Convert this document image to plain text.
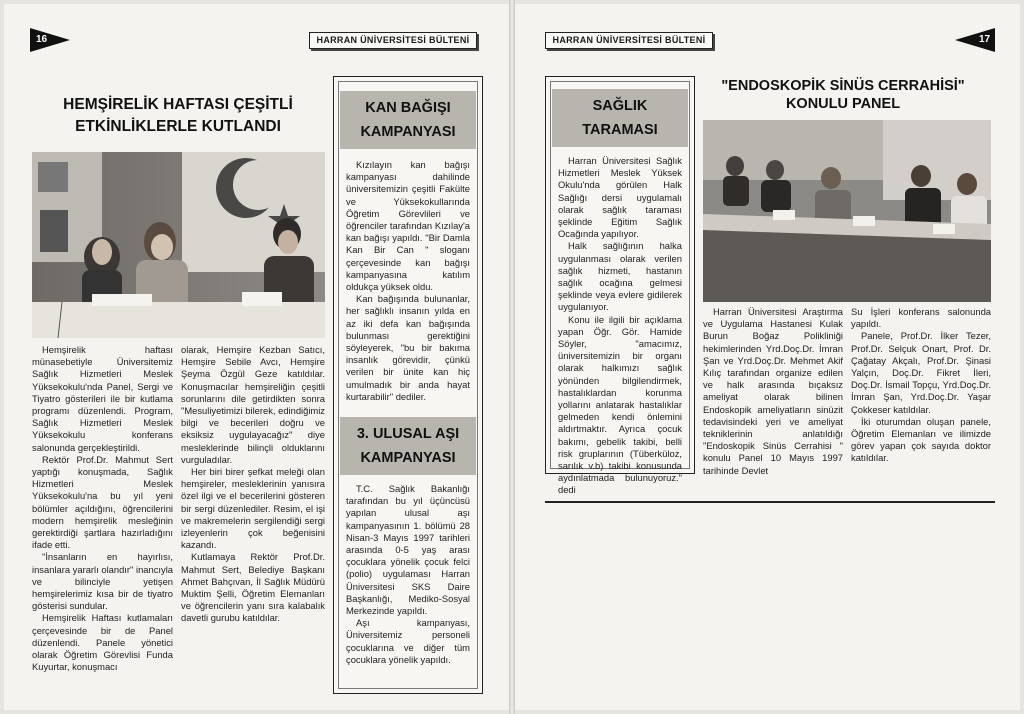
16	HARRAN ÜNİVERSİTESİ BÜLTENİ
HEMŞİRELİK HAFTASI ÇEŞİTLİ
ETKİNLİKLERLE KUTLANDI

Hemşirelik haftası münasebetiyle Üniversitemiz Sağlık Hizmetleri Meslek Yüksekokulu'nda Panel, Sergi ve Tiyatro gösterileri ile bir kutlama programı düzenlendi. Program, Sağlık Hizmetleri Meslek Yüksekokulu konferans salonunda gerçekleştirildi.

Rektör Prof.Dr. Mahmut Sert yaptığı konuşmada, Sağlık Hizmetleri Meslek Yüksekokulu'na bu yıl yeni bölümler açıldığını, öğrencilerini modern hemşirelik mesleğinin gerektirdiği şartlara hazırladığını ifade etti.

"İnsanların en hayırlısı, insanlara yararlı olandır" inancıyla ve bilinciyle yetişen hemşirelerimiz kısa bir de tiyatro gösterisi sundular.

Hemşirelik Haftası kutlamaları çerçevesinde bir de Panel düzenlendi. Panele yönetici olarak Öğretim Görevlisi Funda Kuyurtar, konuşmacı

olarak, Hemşire Kezban Satıcı, Hemşire Sebile Avcı, Hemşire Şeyma Özgül Geze katıldılar. Konuşmacılar hemşireliğin çeşitli sorunlarını dile getirdikten sonra "Mesuliyetimizi bilerek, edindiğimiz bilgi ve becerileri doğru ve eksiksiz uygulayacağız" diye mesleklerinde bilinçli olduklarını vurguladılar.

Her biri birer şefkat meleği olan hemşireler, mesleklerinin yanısıra özel ilgi ve el becerilerini gösteren bir sergi düzenlediler. Resim, el işi ve makremelerin sergilendiği sergi izleyenlerin çok beğenisini kazandı.

Kutlamaya Rektör Prof.Dr. Mahmut Sert, Belediye Başkanı Ahmet Bahçıvan, İl Sağlık Müdürü Muktim Şelli, Öğretim Elemanları ve öğrencilerin yanı sıra kalabalık davetli gurubu katıldılar.

KAN BAĞIŞI
KAMPANYASI

Kızılayın kan bağışı kampanyası dahilinde üniversitemizin çeşitli Fakülte ve Yüksekokullarında Öğretim Görevlileri ve öğrenciler tarafından Kızılay'a kan bağışı yapıldı. "Bir Damla Kan Bir Can " sloganı çerçevesinde kan bağışı kampanyasına katılım oldukça yüksek oldu.

Kan bağışında bulunanlar, her sağlıklı insanın yılda en az iki defa kan bağışında bulunması gerektiğini söyleyerek, "bu bir bakıma insanlık görevidir, çünkü verilen bir ünite kan hiç umulmadık bir anda hayat kurtarabilir" dediler.

3. ULUSAL AŞI
KAMPANYASI

T.C. Sağlık Bakanlığı tarafından bu yıl üçüncüsü yapılan ulusal aşı kampanyasının 1. bölümü 28 Nisan-3 Mayıs 1997 tarihleri arasında 0-5 yaş arası çocuklara yönelik çocuk felci (polio) uygulaması Harran Üniversitesi SKS Daire Başkanlığı, Mediko-Sosyal Merkezinde yapıldı.

Aşı kampanyası, Üniversitemiz personeli çocuklarına ve diğer tüm çocuklara yönelik yapıldı.

HARRAN ÜNİVERSİTESİ BÜLTENİ	17
SAĞLIK
TARAMASI

Harran Üniversitesi Sağlık Hizmetleri Meslek Yüksek Okulu'nda görülen Halk Sağlığı dersi uygulamalı olarak sağlık taraması şeklinde Eğitim Sağlık Ocağında yapılıyor.

Halk sağlığının halka uygulanması olarak verilen sağlık hizmeti, hastanın sağlık ocağına gelmesi şeklinde veya evlere gidilerek uygulanıyor.

Konu ile ilgili bir açıklama yapan Öğr. Gör. Hamide Söyler, "amacımız, üniversitemizin bir organı olarak halkımızı sağlık yönünden bilgilendirmek, hastalıklardan korunma yollarını anlatarak hastalıklar gelmeden kendi önlemini aldırtmaktır. Ayrıca çocuk bakımı, gebelik takibi, belli risk gruplarının (Tüberküloz, sarılık v.b) takibi konusunda aydınlatmada bulunuyoruz." dedi

"ENDOSKOPİK SİNÜS CERRAHİSİ"
KONULU PANEL

Harran Üniversitesi Araştırma ve Uygulama Hastanesi Kulak Burun Boğaz Polikliniği hekimlerinden Yrd.Doç.Dr. İmran Şan ve Yrd.Doç.Dr. Mehmet Akif Kılıç tarafından organize edilen ve halk arasında bıçaksız ameliyat olarak bilinen Endoskopik ameliyatların sinüzit tedavisindeki yeri ve ameliyat tekniklerinin anlatıldığı "Endoskopik Sinüs Cerrahisi " konulu Panel 10 Mayıs 1997 tarihinde Devlet

Su İşleri konferans salonunda yapıldı.

Panele, Prof.Dr. İlker Tezer, Prof.Dr. Selçuk Onart, Prof. Dr. Çağatay Akçalı, Prof.Dr. Şinasi Yalçın, Doç.Dr. Fikret İleri, Doç.Dr. İsmail Topçu, Yrd.Doç.Dr. İmran Şan, Yrd.Doç.Dr. Yaşar Çokkeser katıldılar.

İki oturumdan oluşan panele, Öğretim Elemanları ve ilimizde görev yapan çok sayıda doktor katıldılar.
